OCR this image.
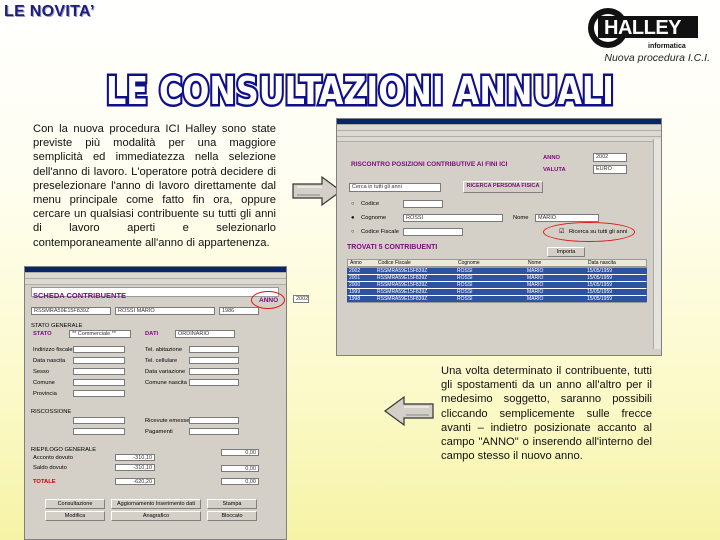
LE NOVITA’
HALLEY
informatica
Nuova procedura I.C.I.
LE CONSULTAZIONI ANNUALI
Con la nuova procedura ICI Halley sono state previste più modalità per una maggiore semplicità ed immediatezza nella selezione dell'anno di lavoro. L'operatore potrà decidere di preselezionare l'anno di lavoro direttamente dal menu principale come fatto fin ora, oppure cercare un qualsiasi contribuente su tutti gli anni di lavoro aperti e selezionarlo contemporaneamente all'anno di appartenenza.
RISCONTRO POSIZIONI CONTRIBUTIVE AI FINI ICI
ANNO	2002
VALUTA	EURO
Cerca in tutti gli anni	RICERCA PERSONA FISICA
○ Codice
● Cognome	ROSSI	Nome	MARIO
○ Codice Fiscale	☑ Ricerca su tutti gli anni
TROVATI 5 CONTRIBUENTI
Importa
Anno	Codice Fiscale	Cognome	Nome	Data nascita
2002	RSSMRA59E15F839Z	ROSSI	MARIO	15/05/1959
2001	RSSMRA59E15F839Z	ROSSI	MARIO	15/05/1959
2000	RSSMRA59E15F839Z	ROSSI	MARIO	15/05/1959
1999	RSSMRA59E15F839Z	ROSSI	MARIO	15/05/1959
1998	RSSMRA59E15F839Z	ROSSI	MARIO	15/05/1959
SCHEDA CONTRIBUENTE
ANNO	2002
RSSMRA59E15F839Z	ROSSI MARIO	1986
STATO GENERALE
STATO	** Commerciale **	DATI	ORDINARIO
Indirizzo fiscale
Data nascita
Sesso
Comune
Provincia
Tel. abitazione
Tel. cellulare
Data variazione
Comune nascita
RISCOSSIONE
Ricevute emesse
Pagamenti
RIEPILOGO GENERALE
Acconto dovuto	-310,10
Saldo dovuto	-310,10
TOTALE	-620,20
0,00
0,00
0,00
Consultazione	Aggiornamento Inserimento dati	Stampa
Modifica	Anagrafico	Bloccato
Una volta determinato il contribuente, tutti gli spostamenti da un anno all'altro per il medesimo soggetto, saranno possibili cliccando semplicemente sulle frecce avanti – indietro posizionate accanto al campo "ANNO" o inserendo all'interno del campo stesso il nuovo anno.
